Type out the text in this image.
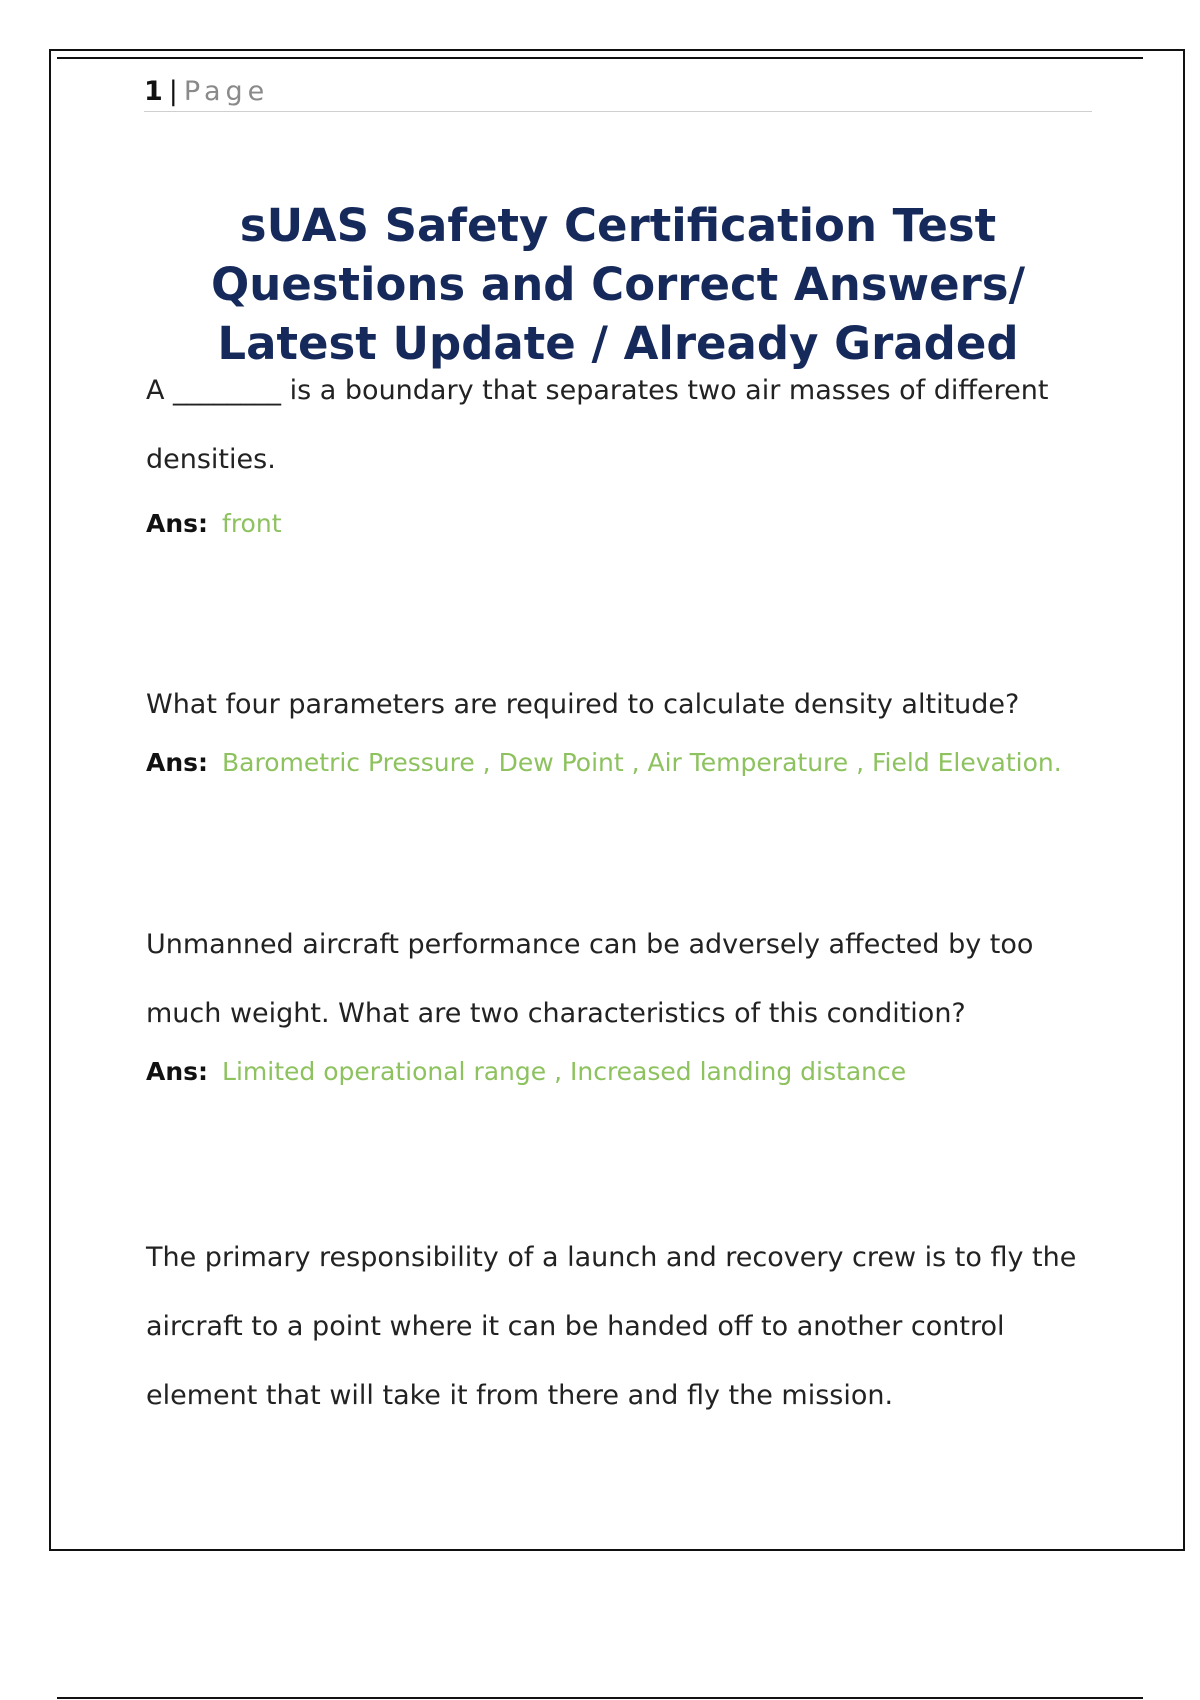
1 | Page
sUAS Safety Certification Test Questions and Correct Answers/ Latest Update / Already Graded

A ________ is a boundary that separates two air masses of different densities.

Ans: front

What four parameters are required to calculate density altitude?

Ans: Barometric Pressure , Dew Point , Air Temperature , Field Elevation.

Unmanned aircraft performance can be adversely affected by too much weight. What are two characteristics of this condition?

Ans: Limited operational range , Increased landing distance

The primary responsibility of a launch and recovery crew is to fly the aircraft to a point where it can be handed off to another control element that will take it from there and fly the mission.
